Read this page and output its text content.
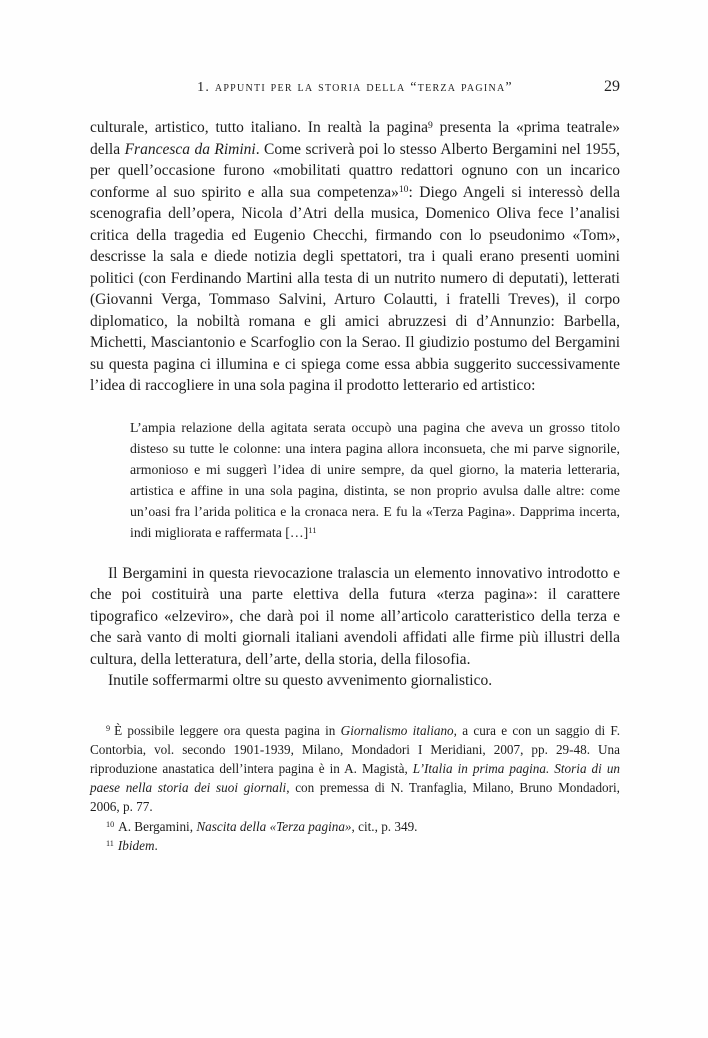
1. appunti per la storia della “terza pagina”	29

culturale, artistico, tutto italiano. In realtà la pagina9 presenta la «prima teatrale» della Francesca da Rimini. Come scriverà poi lo stesso Alberto Bergamini nel 1955, per quell’occasione furono «mobilitati quattro redattori ognuno con un incarico conforme al suo spirito e alla sua competenza»10: Diego Angeli si interessò della scenografia dell’opera, Nicola d’Atri della musica, Domenico Oliva fece l’analisi critica della tragedia ed Eugenio Checchi, firmando con lo pseudonimo «Tom», descrisse la sala e diede notizia degli spettatori, tra i quali erano presenti uomini politici (con Ferdinando Martini alla testa di un nutrito numero di deputati), letterati (Giovanni Verga, Tommaso Salvini, Arturo Colautti, i fratelli Treves), il corpo diplomatico, la nobiltà romana e gli amici abruzzesi di d’Annunzio: Barbella, Michetti, Masciantonio e Scarfoglio con la Serao. Il giudizio postumo del Bergamini su questa pagina ci illumina e ci spiega come essa abbia suggerito successivamente l’idea di raccogliere in una sola pagina il prodotto letterario ed artistico:

L’ampia relazione della agitata serata occupò una pagina che aveva un grosso titolo disteso su tutte le colonne: una intera pagina allora inconsueta, che mi parve signorile, armonioso e mi suggerì l’idea di unire sempre, da quel giorno, la materia letteraria, artistica e affine in una sola pagina, distinta, se non proprio avulsa dalle altre: come un’oasi fra l’arida politica e la cronaca nera. E fu la «Terza Pagina». Dapprima incerta, indi migliorata e raffermata […]11

Il Bergamini in questa rievocazione tralascia un elemento innovativo introdotto e che poi costituirà una parte elettiva della futura «terza pagina»: il carattere tipografico «elzeviro», che darà poi il nome all’articolo caratteristico della terza e che sarà vanto di molti giornali italiani avendoli affidati alle firme più illustri della cultura, della letteratura, dell’arte, della storia, della filosofia.

Inutile soffermarmi oltre su questo avvenimento giornalistico.

9 È possibile leggere ora questa pagina in Giornalismo italiano, a cura e con un saggio di F. Contorbia, vol. secondo 1901-1939, Milano, Mondadori I Meridiani, 2007, pp. 29-48. Una riproduzione anastatica dell’intera pagina è in A. Magistà, L’Italia in prima pagina. Storia di un paese nella storia dei suoi giornali, con premessa di N. Tranfaglia, Milano, Bruno Mondadori, 2006, p. 77.
10 A. Bergamini, Nascita della «Terza pagina», cit., p. 349.
11 Ibidem.
